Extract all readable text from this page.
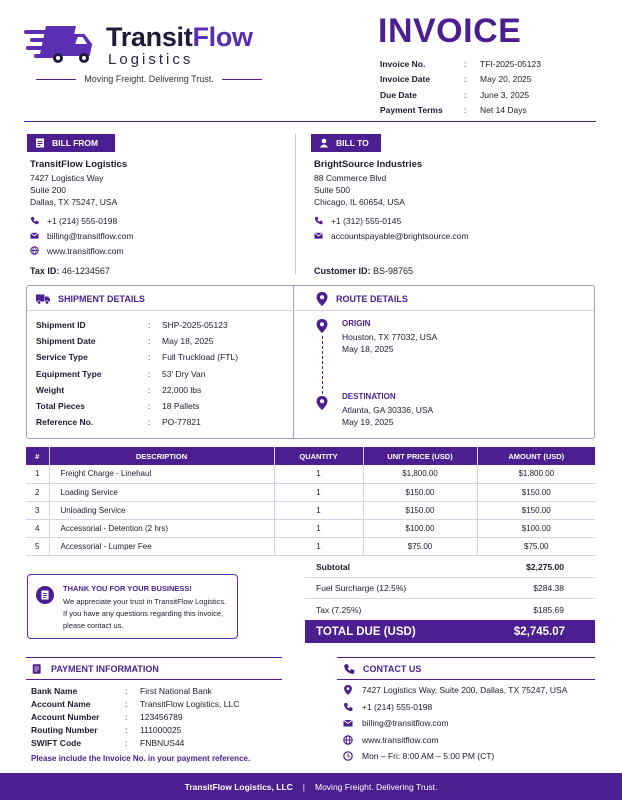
TransitFlow
Logistics
Moving Freight. Delivering Trust.
INVOICE
Invoice No.	:	TFI-2025-05123
Invoice Date	:	May 20, 2025
Due Date	:	June 3, 2025
Payment Terms	:	Net 14 Days
BILL FROM
TransitFlow Logistics
7427 Logistics Way
Suite 200
Dallas, TX 75247, USA
+1 (214) 555-0198
billing@transitflow.com
www.transitflow.com
Tax ID: 46-1234567
BILL TO
BrightSource Industries
88 Commerce Blvd
Suite 500
Chicago, IL 60654, USA
+1 (312) 555-0145
accountspayable@brightsource.com
Customer ID: BS-98765
SHIPMENT DETAILS
Shipment ID	:	SHP-2025-05123
Shipment Date	:	May 18, 2025
Service Type	:	Full Truckload (FTL)
Equipment Type	:	53' Dry Van
Weight	:	22,000 lbs
Total Pieces	:	18 Pallets
Reference No.	:	PO-77821
ROUTE DETAILS
ORIGIN
Houston, TX 77032, USA
May 18, 2025
DESTINATION
Atlanta, GA 30336, USA
May 19, 2025
#	DESCRIPTION	QUANTITY	UNIT PRICE (USD)	AMOUNT (USD)
1	Freight Charge - Linehaul	1	$1,800.00	$1,800.00
2	Loading Service	1	$150.00	$150.00
3	Unloading Service	1	$150.00	$150.00
4	Accessorial - Detention (2 hrs)	1	$100.00	$100.00
5	Accessorial - Lumper Fee	1	$75.00	$75.00
Subtotal	$2,275.00
Fuel Surcharge (12.5%)	$284.38
Tax (7.25%)	$185.69
TOTAL DUE (USD)	$2,745.07
THANK YOU FOR YOUR BUSINESS!
We appreciate your trust in TransitFlow Logistics.
If you have any questions regarding this invoice,
please contact us.
PAYMENT INFORMATION
Bank Name	:	First National Bank
Account Name	:	TransitFlow Logistics, LLC
Account Number	:	123456789
Routing Number	:	111000025
SWIFT Code	:	FNBNUS44
Please include the Invoice No. in your payment reference.
CONTACT US
7427 Logistics Way, Suite 200, Dallas, TX 75247, USA
+1 (214) 555-0198
billing@transitflow.com
www.transitflow.com
Mon – Fri: 8:00 AM – 5:00 PM (CT)
TransitFlow Logistics, LLC | Moving Freight. Delivering Trust.
